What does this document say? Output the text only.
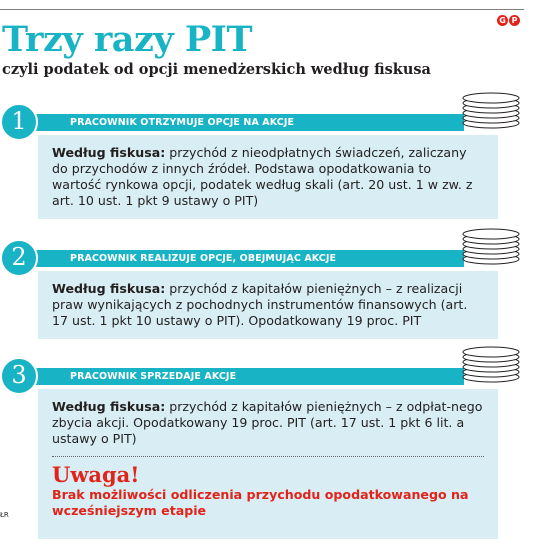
G P
Trzy razy PIT
czyli podatek od opcji menedżerskich według fiskusa
PRACOWNIK OTRZYMUJE OPCJE NA AKCJE
1
Według fiskusa: przychód z nieodpłatnych świadczeń, zaliczany do przychodów z innych źródeł. Podstawa opodatkowania to wartość rynkowa opcji, podatek według skali (art. 20 ust. 1 w zw. z art. 10 ust. 1 pkt 9 ustawy o PIT)
PRACOWNIK REALIZUJE OPCJE, OBEJMUJĄC AKCJE
2
Według fiskusa: przychód z kapitałów pieniężnych – z realizacji praw wynikających z pochodnych instrumentów finansowych (art. 17 ust. 1 pkt 10 ustawy o PIT). Opodatkowany 19 proc. PIT
PRACOWNIK SPRZEDAJE AKCJE
3
Według fiskusa: przychód z kapitałów pieniężnych – z odpłat-nego zbycia akcji. Opodatkowany 19 proc. PIT (art. 17 ust. 1 pkt 6 lit. a ustawy o PIT)
Uwaga!
Brak możliwości odliczenia przychodu opodatkowanego na wcześniejszym etapie
ŁR
